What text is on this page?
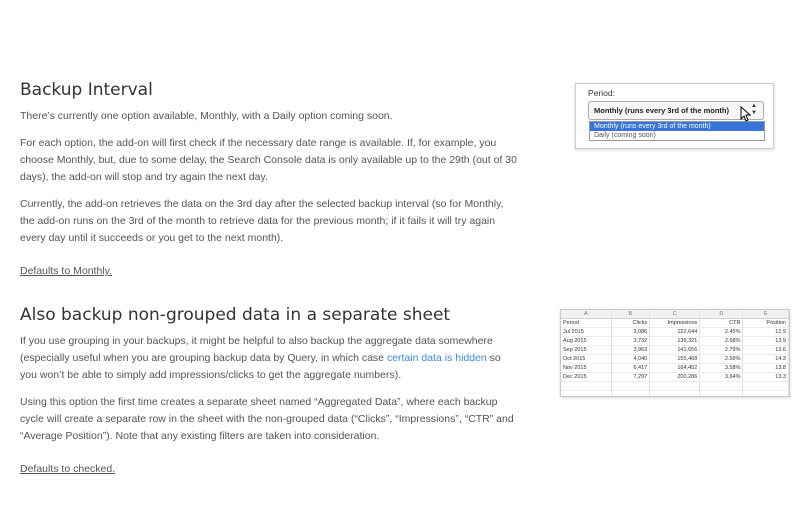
Backup Interval

There’s currently one option available, Monthly, with a Daily option coming soon.

For each option, the add-on will first check if the necessary date range is available. If, for example, you choose Monthly, but, due to some delay, the Search Console data is only available up to the 29th (out of 30 days), the add-on will stop and try again the next day.

Currently, the add-on retrieves the data on the 3rd day after the selected backup interval (so for Monthly, the add-on runs on the 3rd of the month to retrieve data for the previous month; if it fails it will try again every day until it succeeds or you get to the next month).

Defaults to Monthly.

Also backup non-grouped data in a separate sheet

If you use grouping in your backups, it might be helpful to also backup the aggregate data somewhere (especially useful when you are grouping backup data by Query, in which case certain data is hidden so you won’t be able to simply add impressions/clicks to get the aggregate numbers).

Using this option the first time creates a separate sheet named “Aggregated Data”, where each backup cycle will create a separate row in the sheet with the non-grouped data (“Clicks”, “Impressions”, “CTR” and “Average Position”). Note that any existing filters are taken into consideration.

Defaults to checked.

Period:
Monthly (runs every 3rd of the month)	▲
▼
Monthly (runs every 3rd of the month)
Daily (coming soon)
A	B	C	D	E
Period	Clicks	Impressions	CTR	Position
Jul 2015	3,086	122,644	2.45%	12.9
Aug 2015	3,732	139,321	2.68%	13.9
Sep 2015	3,963	141,656	2.79%	13.6
Oct 2015	4,040	155,468	2.59%	14.3
Nov 2015	6,417	164,452	3.58%	13.8
Dec 2015	7,297	200,286	3.64%	13.3
